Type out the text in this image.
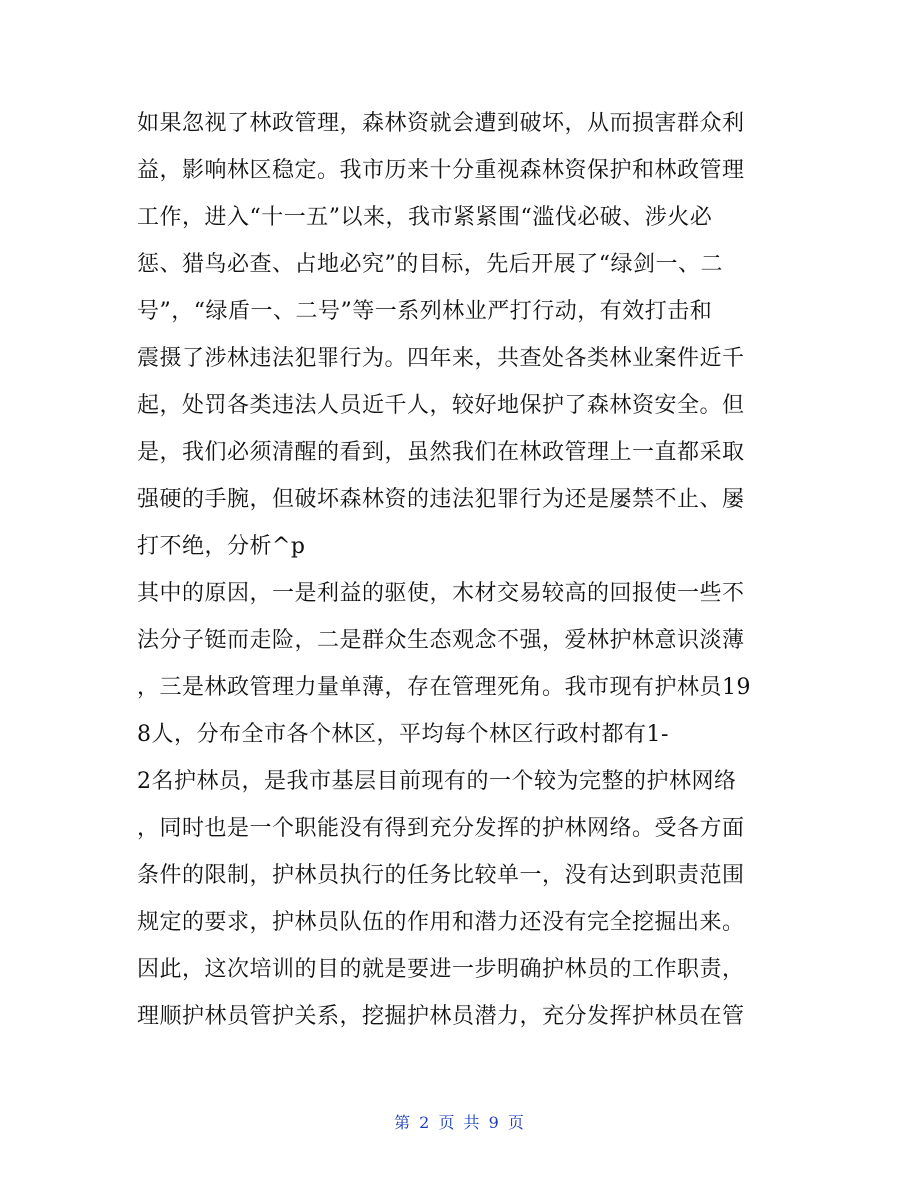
如果忽视了林政管理，森林资就会遭到破坏，从而损害群众利
益，影响林区稳定。我市历来十分重视森林资保护和林政管理
工作，进入“十一五”以来，我市紧紧围“滥伐必破、涉火必
惩、猎鸟必查、占地必究”的目标，先后开展了“绿剑一、二
号”，“绿盾一、二号”等一系列林业严打行动，有效打击和
震摄了涉林违法犯罪行为。四年来，共查处各类林业案件近千
起，处罚各类违法人员近千人，较好地保护了森林资安全。但
是，我们必须清醒的看到，虽然我们在林政管理上一直都采取
强硬的手腕，但破坏森林资的违法犯罪行为还是屡禁不止、屡
打不绝，分析^p
其中的原因，一是利益的驱使，木材交易较高的回报使一些不
法分子铤而走险，二是群众生态观念不强，爱林护林意识淡薄
，三是林政管理力量单薄，存在管理死角。我市现有护林员19
8人，分布全市各个林区，平均每个林区行政村都有1-
2名护林员，是我市基层目前现有的一个较为完整的护林网络
，同时也是一个职能没有得到充分发挥的护林网络。受各方面
条件的限制，护林员执行的任务比较单一，没有达到职责范围
规定的要求，护林员队伍的作用和潜力还没有完全挖掘出来。
因此，这次培训的目的就是要进一步明确护林员的工作职责，
理顺护林员管护关系，挖掘护林员潜力，充分发挥护林员在管
第 2 页 共 9 页
